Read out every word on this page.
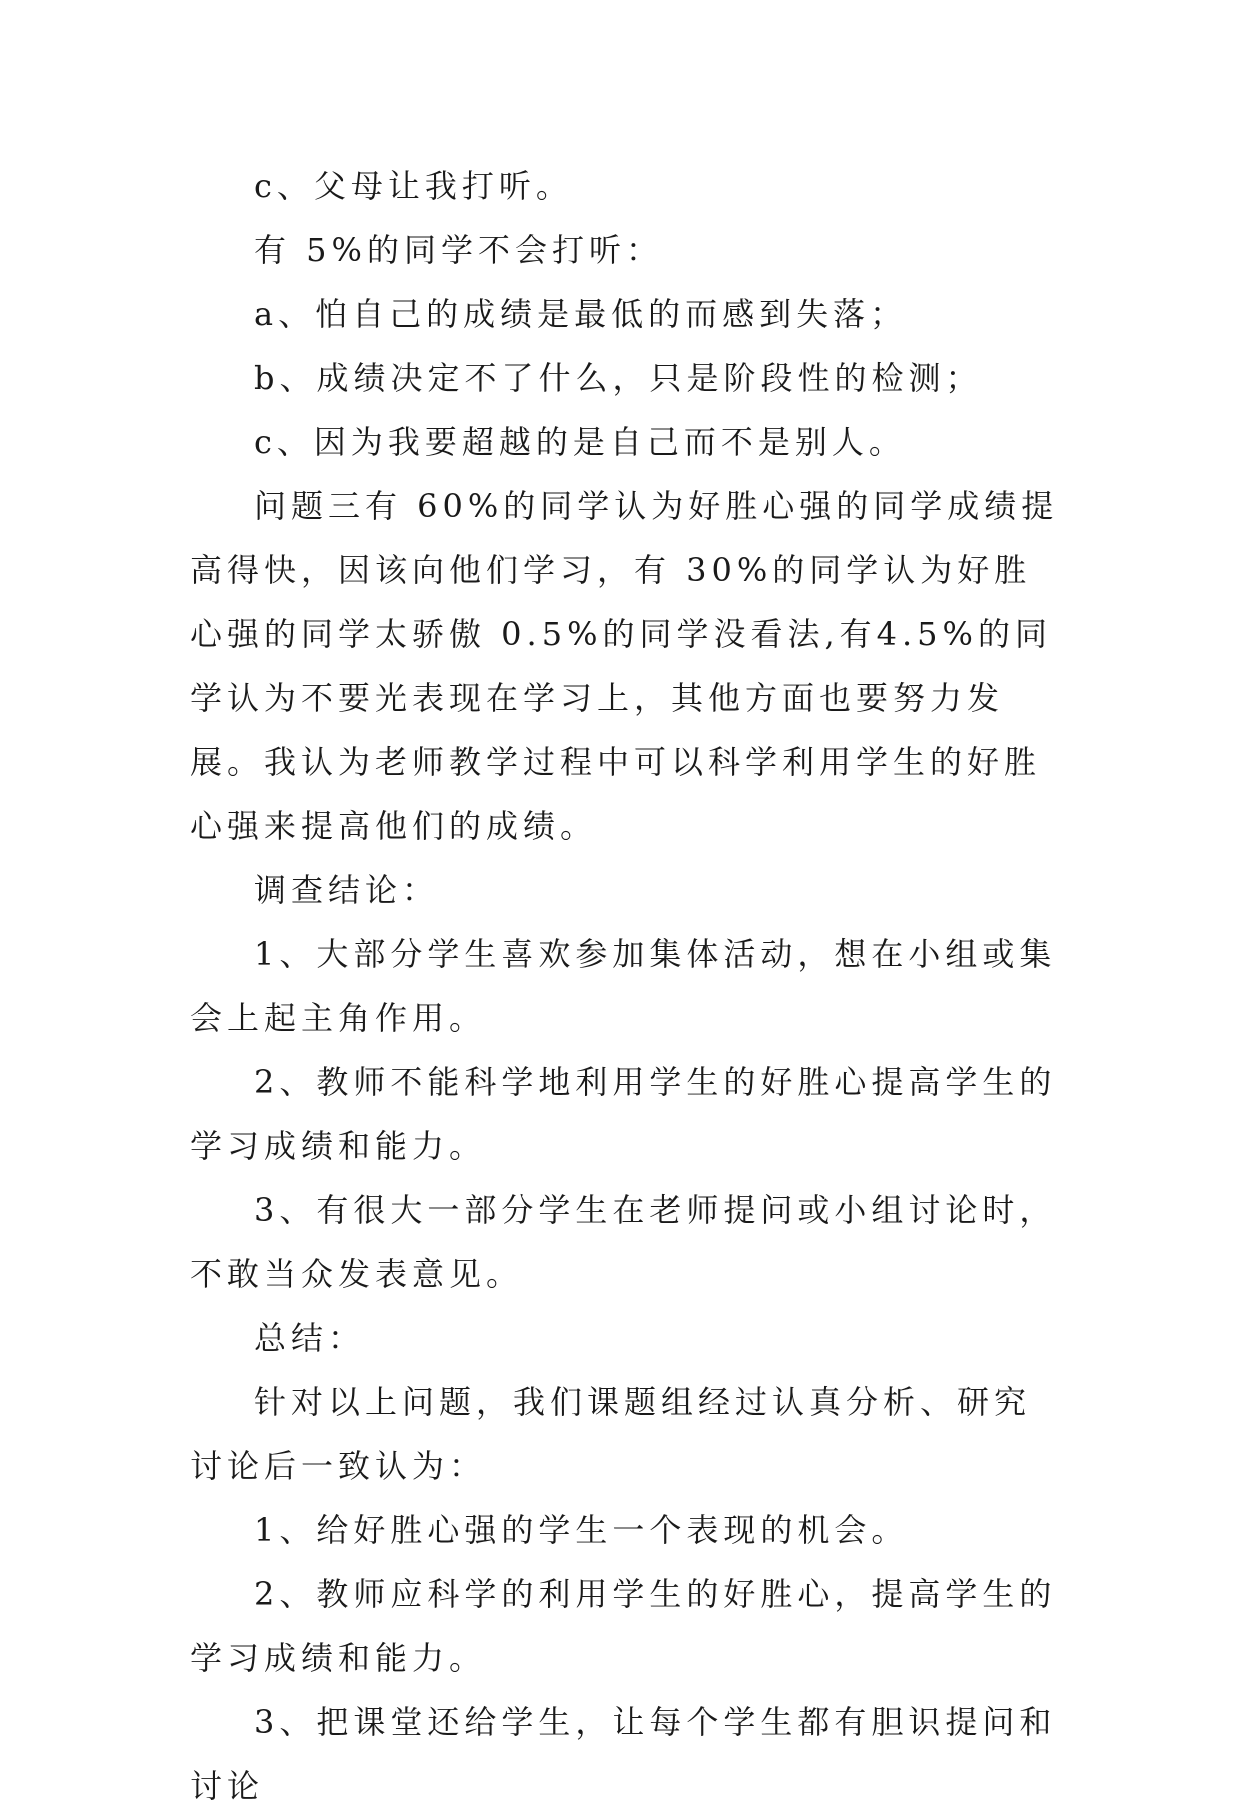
c、父母让我打听。

有 5%的同学不会打听：

a、怕自己的成绩是最低的而感到失落；

b、成绩决定不了什么，只是阶段性的检测；

c、因为我要超越的是自己而不是别人。

问题三有 60%的同学认为好胜心强的同学成绩提高得快，因该向他们学习，有 30%的同学认为好胜心强的同学太骄傲 0.5%的同学没看法,有4.5%的同学认为不要光表现在学习上，其他方面也要努力发展。我认为老师教学过程中可以科学利用学生的好胜心强来提高他们的成绩。

调查结论：

1、大部分学生喜欢参加集体活动，想在小组或集会上起主角作用。

2、教师不能科学地利用学生的好胜心提高学生的学习成绩和能力。

3、有很大一部分学生在老师提问或小组讨论时，不敢当众发表意见。

总结：

针对以上问题，我们课题组经过认真分析、研究讨论后一致认为：

1、给好胜心强的学生一个表现的机会。

2、教师应科学的利用学生的好胜心，提高学生的学习成绩和能力。

3、把课堂还给学生，让每个学生都有胆识提问和讨论
